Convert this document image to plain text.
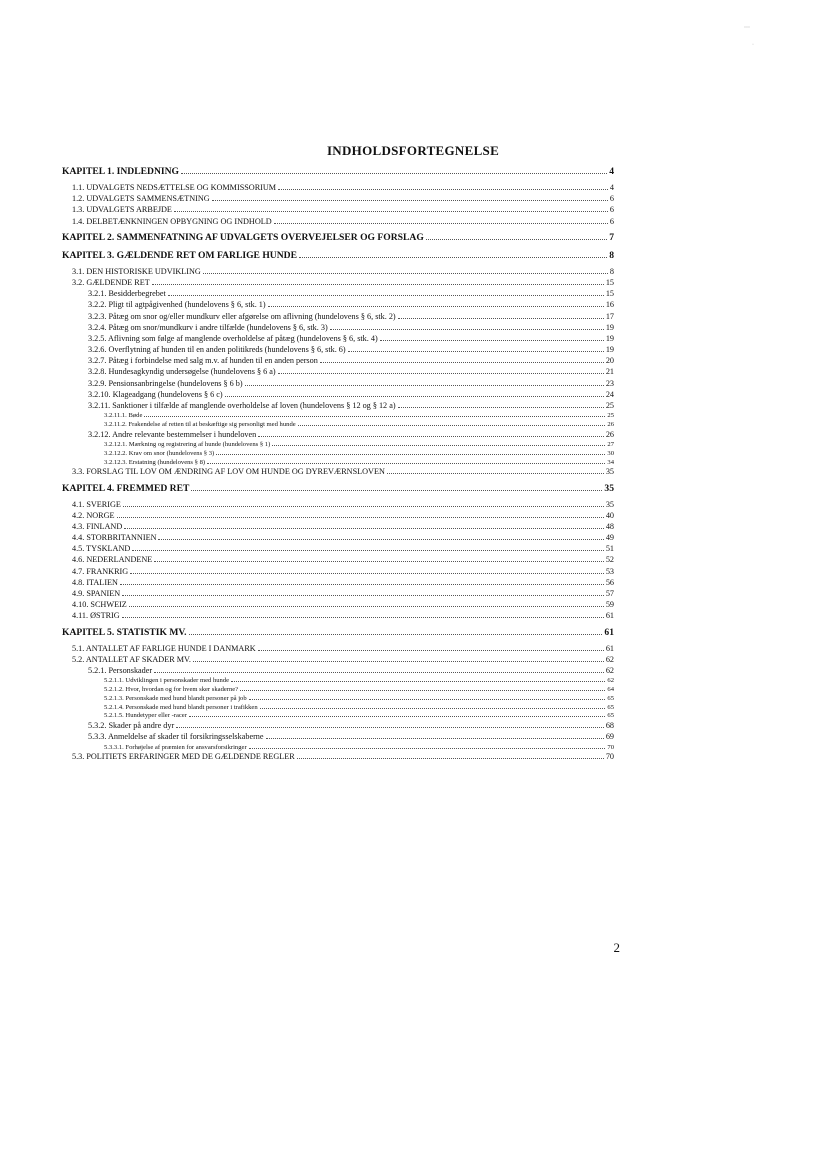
⋯
·
INDHOLDSFORTEGNELSE
KAPITEL 1. INDLEDNING	4
1.1. UDVALGETS NEDSÆTTELSE OG KOMMISSORIUM	4
1.2. UDVALGETS SAMMENSÆTNING	6
1.3. UDVALGETS ARBEJDE	6
1.4. DELBETÆNKNINGEN OPBYGNING OG INDHOLD	6
KAPITEL 2. SAMMENFATNING AF UDVALGETS OVERVEJELSER OG FORSLAG	7
KAPITEL 3. GÆLDENDE RET OM FARLIGE HUNDE	8
3.1. DEN HISTORISKE UDVIKLING	8
3.2. GÆLDENDE RET	15
3.2.1. Besidderbegrebet	15
3.2.2. Pligt til agtpågivenhed (hundelovens § 6, stk. 1)	16
3.2.3. Påtæg om snor og/eller mundkurv eller afgørelse om aflivning (hundelovens § 6, stk. 2)	17
3.2.4. Påtæg om snor/mundkurv i andre tilfælde (hundelovens § 6, stk. 3)	19
3.2.5. Aflivning som følge af manglende overholdelse af påtæg (hundelovens § 6, stk. 4)	19
3.2.6. Overflytning af hunden til en anden politikreds (hundelovens § 6, stk. 6)	19
3.2.7. Påtæg i forbindelse med salg m.v. af hunden til en anden person	20
3.2.8. Hundesagkyndig undersøgelse (hundelovens § 6 a)	21
3.2.9. Pensionsanbringelse (hundelovens § 6 b)	23
3.2.10. Klageadgang (hundelovens § 6 c)	24
3.2.11. Sanktioner i tilfælde af manglende overholdelse af loven (hundelovens § 12 og § 12 a)	25
3.2.11.1. Bøde	25
3.2.11.2. Frakendelse af retten til at beskæftige sig personligt med hunde	26
3.2.12. Andre relevante bestemmelser i hundeloven	26
3.2.12.1. Mærkning og registrering af hunde (hundelovens § 1)	27
3.2.12.2. Krav om snor (hundelovens § 3)	30
3.2.12.3. Erstatning (hundelovens § 8)	34
3.3. FORSLAG TIL LOV OM ÆNDRING AF LOV OM HUNDE OG DYREVÆRNSLOVEN	35
KAPITEL 4. FREMMED RET	35
4.1. SVERIGE	35
4.2. NORGE	40
4.3. FINLAND	48
4.4. STORBRITANNIEN	49
4.5. TYSKLAND	51
4.6. NEDERLANDENE	52
4.7. FRANKRIG	53
4.8. ITALIEN	56
4.9. SPANIEN	57
4.10. SCHWEIZ	59
4.11. ØSTRIG	61
KAPITEL 5. STATISTIK MV.	61
5.1. ANTALLET AF FARLIGE HUNDE I DANMARK	61
5.2. ANTALLET AF SKADER MV.	62
5.2.1. Personskader	62
5.2.1.1. Udviklingen i personskader med hunde	62
5.2.1.2. Hvor, hvordan og for hvem sker skaderne?	64
5.2.1.3. Personskade med hund blandt personer på job	65
5.2.1.4. Personskade med hund blandt personer i trafikken	65
5.2.1.5. Hundetyper eller -racer	65
5.3.2. Skader på andre dyr	68
5.3.3. Anmeldelse af skader til forsikringsselskaberne	69
5.3.3.1. Forhøjelse af præmien for ansvarsforsikringer	70
5.3. POLITIETS ERFARINGER MED DE GÆLDENDE REGLER	70
2
